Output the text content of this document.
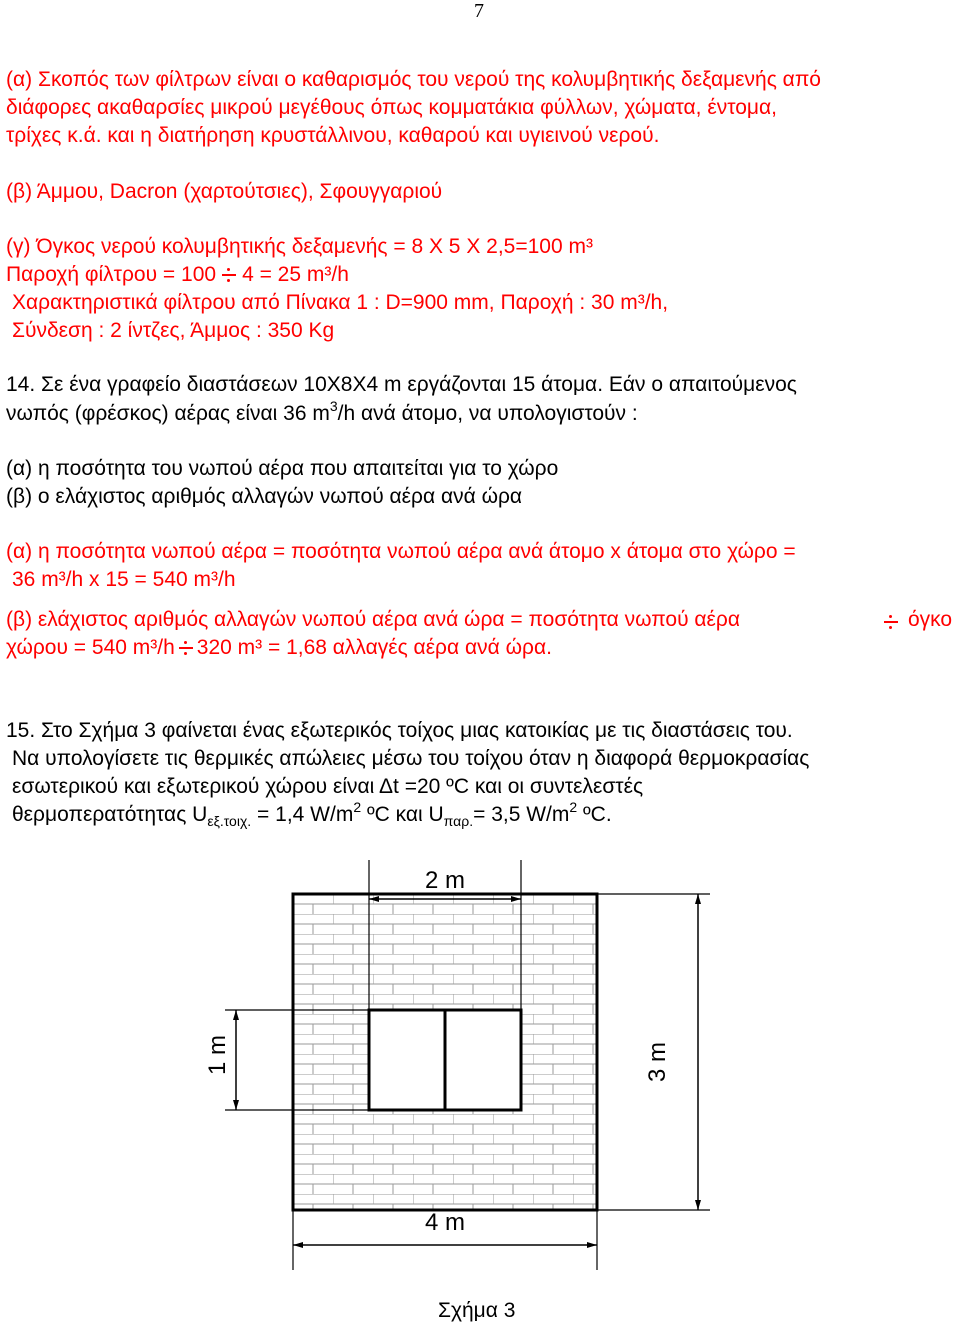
7
(α) Σκοπός των φίλτρων είναι ο καθαρισμός του νερού της κολυμβητικής δεξαμενής από
διάφορες ακαθαρσίες μικρού μεγέθους όπως κομματάκια φύλλων, χώματα, έντομα,
τρίχες κ.ά. και η διατήρηση κρυστάλλινου, καθαρού και υγιεινού νερού.
(β) Άμμου, Dacron (χαρτούτσιες), Σφουγγαριού
(γ) Όγκος νερού κολυμβητικής δεξαμενής = 8 Χ 5 Χ 2,5=100 m³
Παροχή φίλτρου = 100 4 = 25 m³/h
Χαρακτηριστικά φίλτρου από Πίνακα 1 : D=900 mm, Παροχή : 30 m³/h,
Σύνδεση : 2 ίντζες, Άμμος : 350 Kg
14. Σε ένα γραφείο διαστάσεων 10Χ8Χ4 m εργάζονται 15 άτομα. Εάν ο απαιτούμενος
νωπός (φρέσκος) αέρας είναι 36 $m^3/h$ ανά άτομο, να υπολογιστούν :
(α) η ποσότητα του νωπού αέρα που απαιτείται για το χώρο
(β) ο ελάχιστος αριθμός αλλαγών νωπού αέρα ανά ώρα
(α) η ποσότητα νωπού αέρα = ποσότητα νωπού αέρα ανά άτομο x άτομα στο χώρο =
36 m³/h x 15 = 540 m³/h
(β) ελάχιστος αριθμός αλλαγών νωπού αέρα ανά ώρα = ποσότητα νωπού αέρα	όγκο
χώρου = 540 m³/h 320 m³ = 1,68 αλλαγές αέρα ανά ώρα.
15. Στο Σχήμα 3 φαίνεται ένας εξωτερικός τοίχος μιας κατοικίας με τις διαστάσεις του.
Να υπολογίσετε τις θερμικές απώλειες μέσω του τοίχου όταν η διαφορά θερμοκρασίας
εσωτερικού και εξωτερικού χώρου είναι Δt =20 ºC και οι συντελεστές
θερμοπερατότητας $U_{\varepsilon\xi.\tau o\iota\chi.} = 1,4$ $W/m^2$ ºC και $U_{\pi\alpha\rho.}= 3,5$ $W/m^2$ ºC.
2 m
1 m	3 m
4 m
Σχήμα 3
